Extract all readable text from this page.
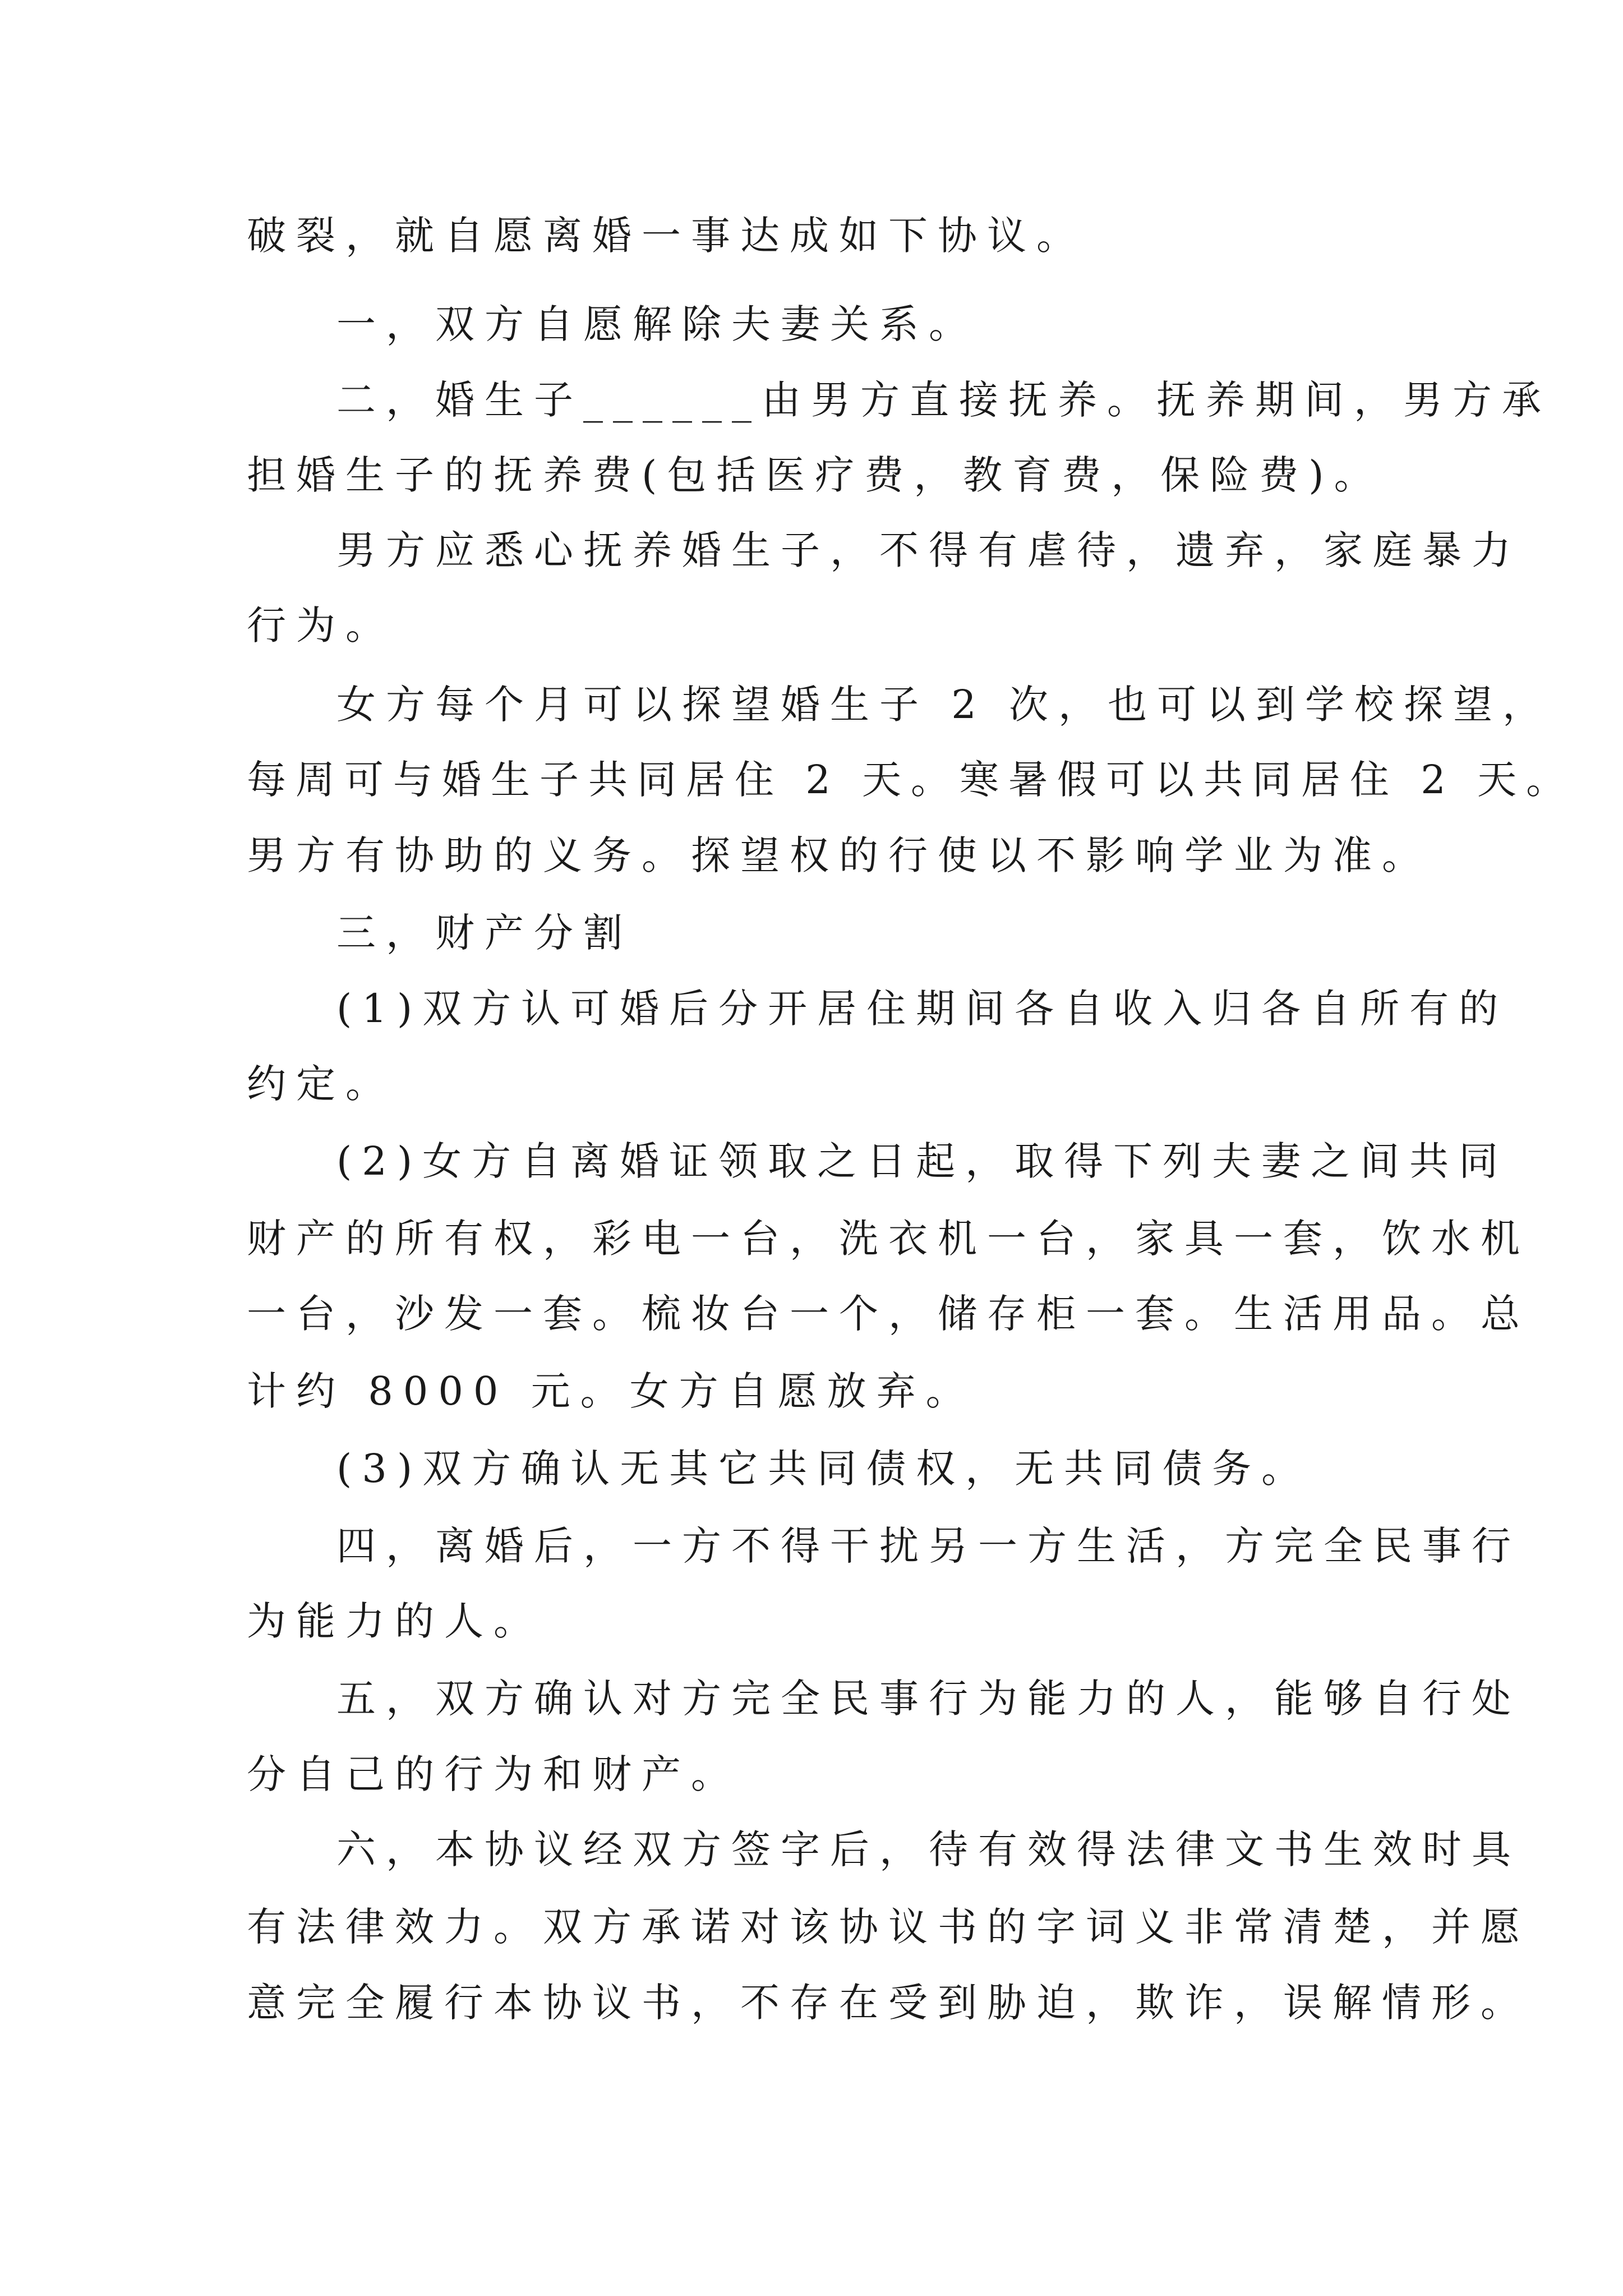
破裂，就自愿离婚一事达成如下协议。

一，双方自愿解除夫妻关系。

二，婚生子______由男方直接抚养。抚养期间，男方承

担婚生子的抚养费(包括医疗费，教育费，保险费)。

男方应悉心抚养婚生子，不得有虐待，遗弃，家庭暴力

行为。

女方每个月可以探望婚生子 2 次，也可以到学校探望，

每周可与婚生子共同居住 2 天。寒暑假可以共同居住 2 天。

男方有协助的义务。探望权的行使以不影响学业为准。

三，财产分割

(1)双方认可婚后分开居住期间各自收入归各自所有的

约定。

(2)女方自离婚证领取之日起，取得下列夫妻之间共同

财产的所有权，彩电一台，洗衣机一台，家具一套，饮水机

一台，沙发一套。梳妆台一个，储存柜一套。生活用品。总

计约 8000 元。女方自愿放弃。

(3)双方确认无其它共同债权，无共同债务。

四，离婚后，一方不得干扰另一方生活，方完全民事行

为能力的人。

五，双方确认对方完全民事行为能力的人，能够自行处

分自己的行为和财产。

六，本协议经双方签字后，待有效得法律文书生效时具

有法律效力。双方承诺对该协议书的字词义非常清楚，并愿

意完全履行本协议书，不存在受到胁迫，欺诈，误解情形。
